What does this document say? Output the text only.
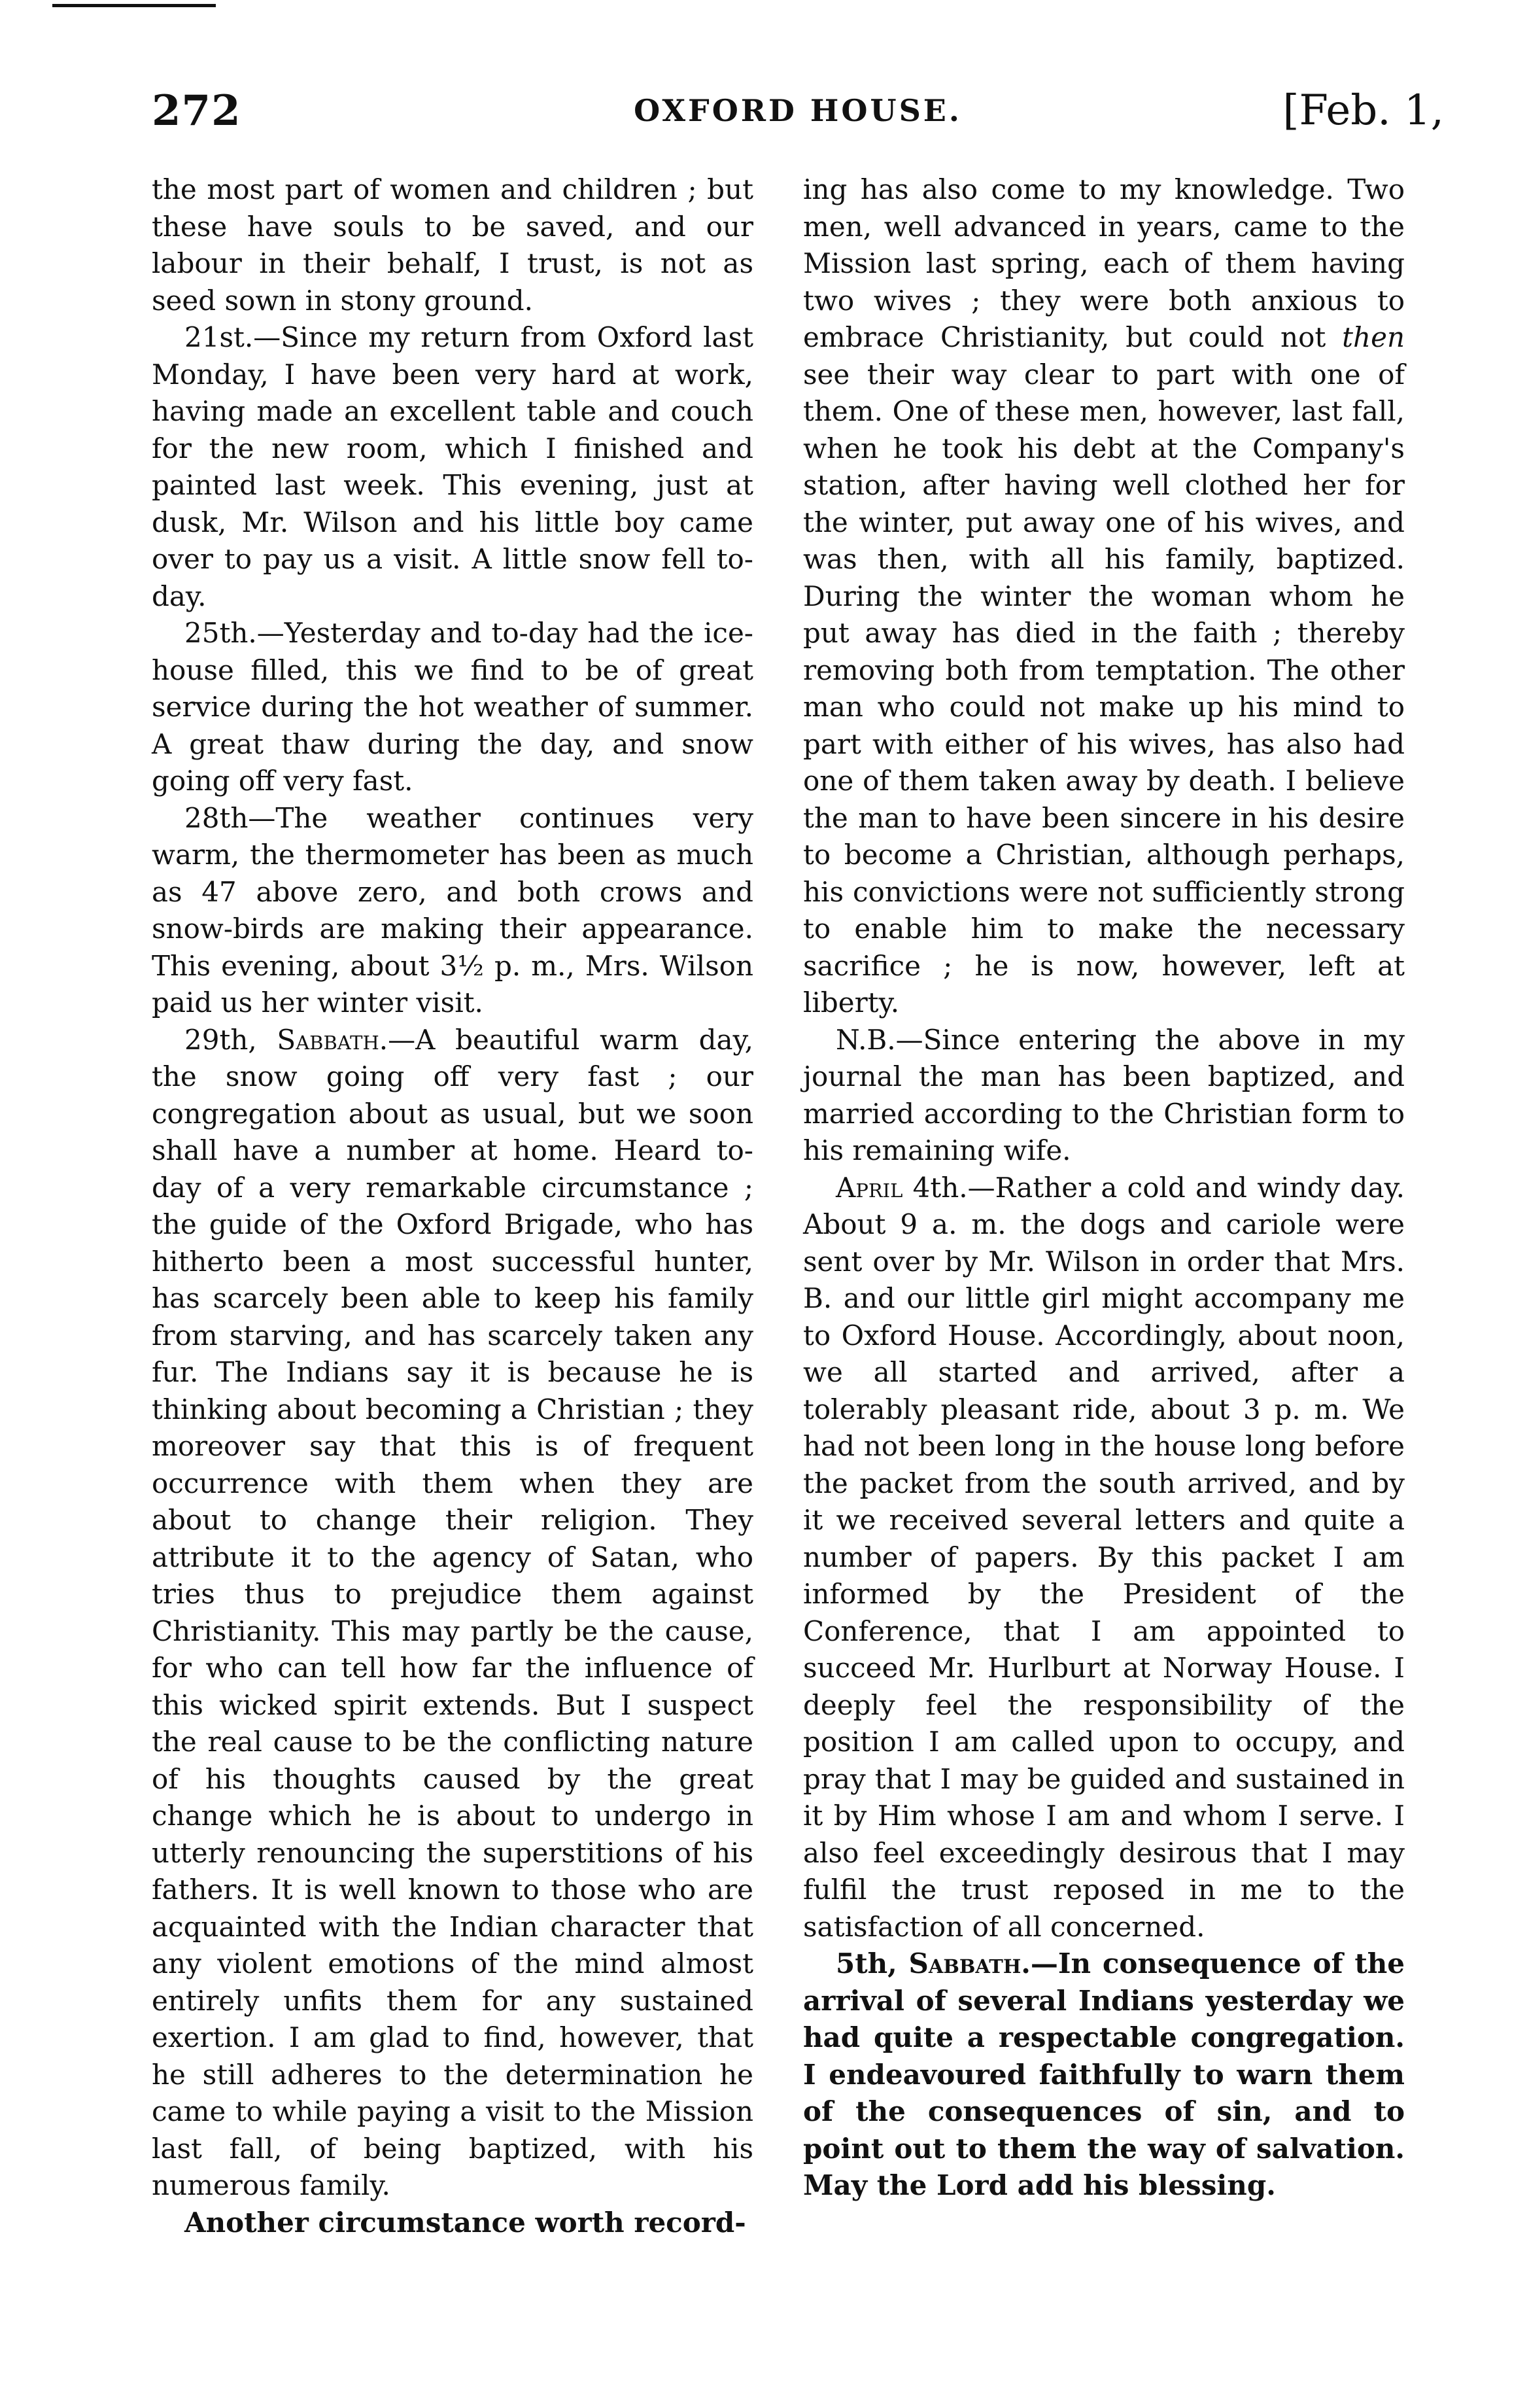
272	OXFORD HOUSE.	[Feb. 1,

the most part of women and children ; but these have souls to be saved, and our labour in their behalf, I trust, is not as seed sown in stony ground.

21st.—Since my return from Oxford last Monday, I have been very hard at work, having made an excellent table and couch for the new room, which I finished and painted last week. This evening, just at dusk, Mr. Wilson and his little boy came over to pay us a visit. A little snow fell to-day.

25th.—Yesterday and to-day had the ice-house filled, this we find to be of great service during the hot weather of summer. A great thaw during the day, and snow going off very fast.

28th—The weather continues very warm, the thermometer has been as much as 47 above zero, and both crows and snow-birds are making their appearance. This evening, about 3½ p. m., Mrs. Wilson paid us her winter visit.

29th, Sabbath.—A beautiful warm day, the snow going off very fast ; our congregation about as usual, but we soon shall have a number at home. Heard to-day of a very remarkable circumstance ; the guide of the Oxford Brigade, who has hitherto been a most successful hunter, has scarcely been able to keep his family from starving, and has scarcely taken any fur. The Indians say it is because he is thinking about becoming a Christian ; they moreover say that this is of frequent occurrence with them when they are about to change their religion. They attribute it to the agency of Satan, who tries thus to prejudice them against Christianity. This may partly be the cause, for who can tell how far the influence of this wicked spirit extends. But I suspect the real cause to be the conflicting nature of his thoughts caused by the great change which he is about to undergo in utterly renouncing the superstitions of his fathers. It is well known to those who are acquainted with the Indian character that any violent emotions of the mind almost entirely unfits them for any sustained exertion. I am glad to find, however, that he still adheres to the determination he came to while paying a visit to the Mission last fall, of being baptized, with his numerous family.

Another circumstance worth record-

ing has also come to my knowledge. Two men, well advanced in years, came to the Mission last spring, each of them having two wives ; they were both anxious to embrace Christianity, but could not then see their way clear to part with one of them. One of these men, however, last fall, when he took his debt at the Company's station, after having well clothed her for the winter, put away one of his wives, and was then, with all his family, baptized. During the winter the woman whom he put away has died in the faith ; thereby removing both from temptation. The other man who could not make up his mind to part with either of his wives, has also had one of them taken away by death. I believe the man to have been sincere in his desire to become a Christian, although perhaps, his convictions were not sufficiently strong to enable him to make the necessary sacrifice ; he is now, however, left at liberty.

N.B.—Since entering the above in my journal the man has been baptized, and married according to the Christian form to his remaining wife.

April 4th.—Rather a cold and windy day. About 9 a. m. the dogs and cariole were sent over by Mr. Wilson in order that Mrs. B. and our little girl might accompany me to Oxford House. Accordingly, about noon, we all started and arrived, after a tolerably pleasant ride, about 3 p. m. We had not been long in the house long before the packet from the south arrived, and by it we received several letters and quite a number of papers. By this packet I am informed by the President of the Conference, that I am appointed to succeed Mr. Hurlburt at Norway House. I deeply feel the responsibility of the position I am called upon to occupy, and pray that I may be guided and sustained in it by Him whose I am and whom I serve. I also feel exceedingly desirous that I may fulfil the trust reposed in me to the satisfaction of all concerned.

5th, Sabbath.—In consequence of the arrival of several Indians yesterday we had quite a respectable congregation. I endeavoured faithfully to warn them of the consequences of sin, and to point out to them the way of salvation. May the Lord add his blessing.
